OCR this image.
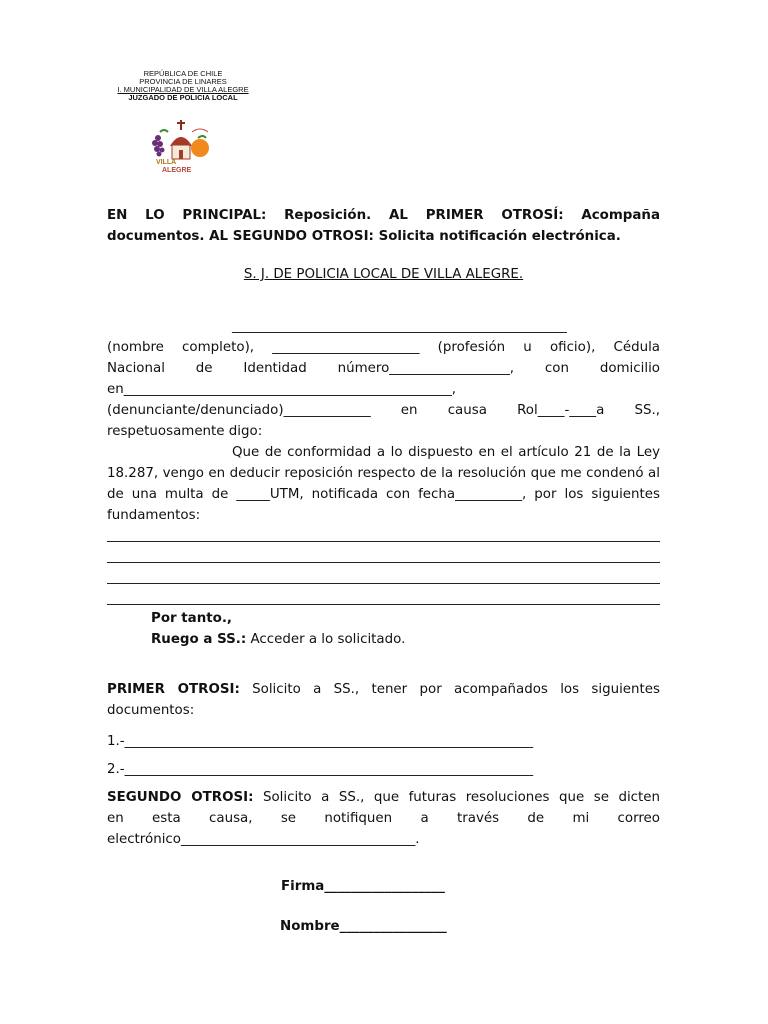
REPÚBLICA DE CHILE
PROVINCIA DE LINARES
I. MUNICIPALIDAD DE VILLA ALEGRE
JUZGADO DE POLICIA LOCAL
VILLA
ALEGRE
EN LO PRINCIPAL: Reposición. AL PRIMER OTROSÍ: Acompaña
documentos. AL SEGUNDO OTROSI: Solicita notificación electrónica.
S. J. DE POLICIA LOCAL DE VILLA ALEGRE.
__________________________________________________
(nombre completo), ______________________ (profesión u oficio), Cédula
Nacional de Identidad número__________________, con domicilio
en_________________________________________________,
(denunciante/denunciado)_____________ en causa Rol____-____a SS.,
respetuosamente digo:
Que de conformidad a lo dispuesto en el artículo 21 de la Ley
18.287, vengo en deducir reposición respecto de la resolución que me condenó al
de una multa de _____UTM, notificada con fecha__________, por los siguientes
fundamentos:
Por tanto.,
Ruego a SS.: Acceder a lo solicitado.
PRIMER OTROSI: Solicito a SS., tener por acompañados los siguientes
documentos:
1.-_____________________________________________________________
2.-_____________________________________________________________
SEGUNDO OTROSI: Solicito a SS., que futuras resoluciones que se dicten
en esta causa, se notifiquen a través de mi correo
electrónico___________________________________.
Firma__________________
Nombre________________
